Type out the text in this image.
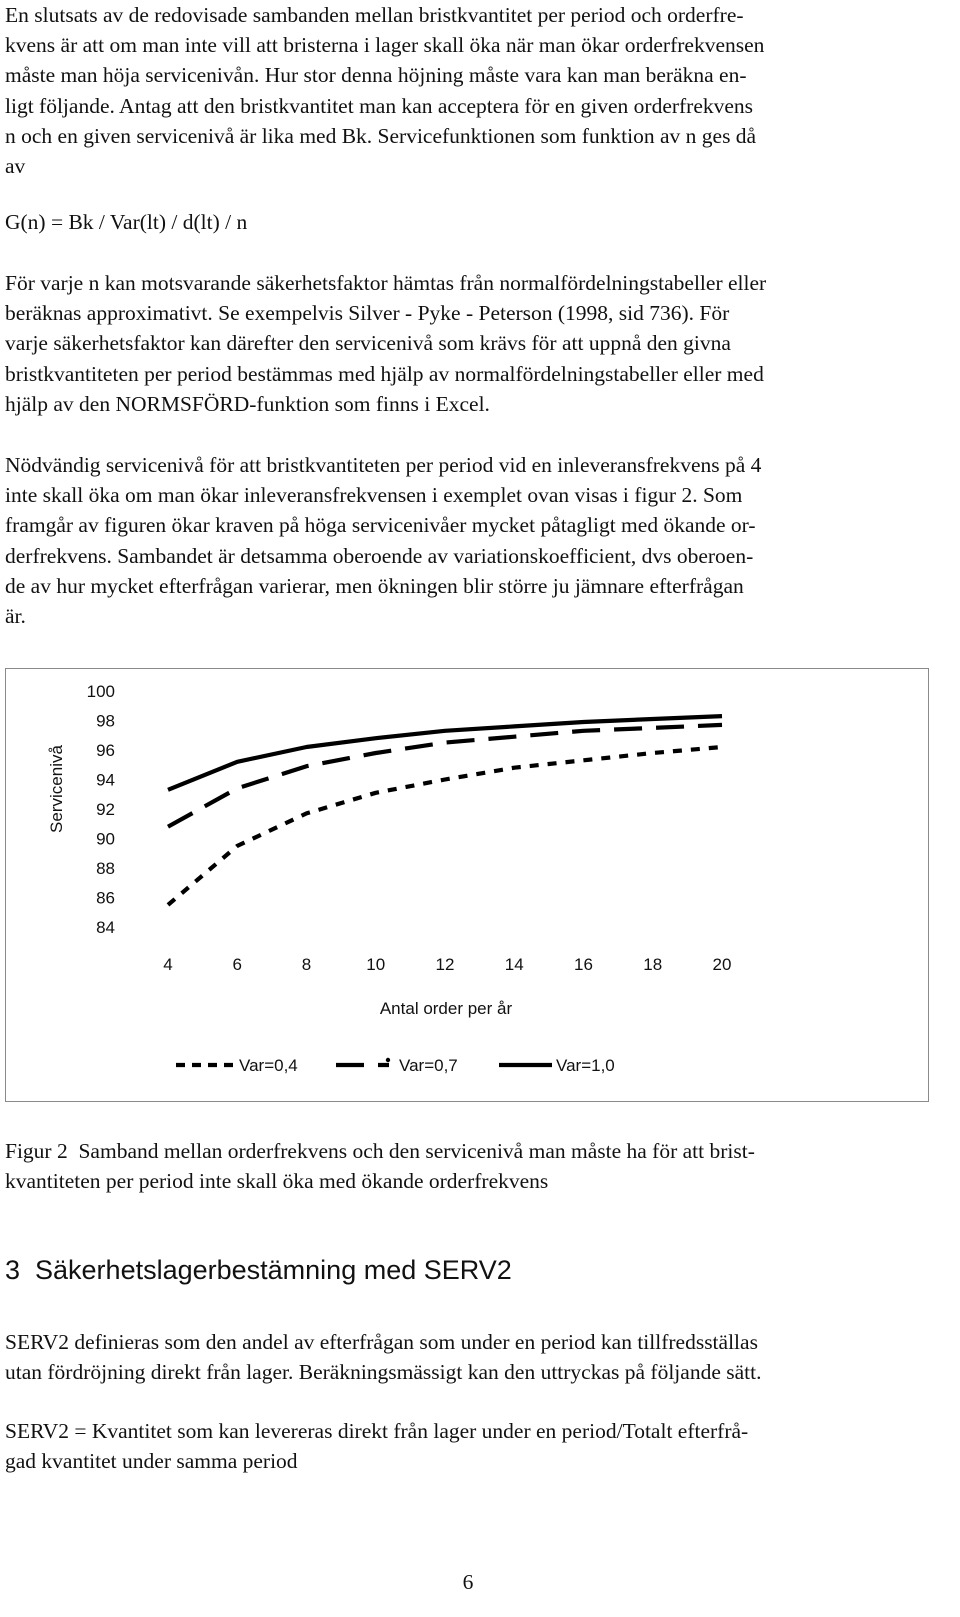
En slutsats av de redovisade sambanden mellan bristkvantitet per period och orderfre-
kvens är att om man inte vill att bristerna i lager skall öka när man ökar orderfrekvensen
måste man höja servicenivån. Hur stor denna höjning måste vara kan man beräkna en-
ligt följande. Antag att den bristkvantitet man kan acceptera för en given orderfrekvens
n och en given servicenivå är lika med Bk. Servicefunktionen som funktion av n ges då
av
G(n) = Bk / Var(lt) / d(lt) / n
För varje n kan motsvarande säkerhetsfaktor hämtas från normalfördelningstabeller eller
beräknas approximativt. Se exempelvis Silver - Pyke - Peterson (1998, sid 736). För
varje säkerhetsfaktor kan därefter den servicenivå som krävs för att uppnå den givna
bristkvantiteten per period bestämmas med hjälp av normalfördelningstabeller eller med
hjälp av den NORMSFÖRD-funktion som finns i Excel.
Nödvändig servicenivå för att bristkvantiteten per period vid en inleveransfrekvens på 4
inte skall öka om man ökar inleveransfrekvensen i exemplet ovan visas i figur 2. Som
framgår av figuren ökar kraven på höga servicenivåer mycket påtagligt med ökande or-
derfrekvens. Sambandet är detsamma oberoende av variationskoefficient, dvs oberoen-
de av hur mycket efterfrågan varierar, men ökningen blir större ju jämnare efterfrågan
är.
84
86
88
90
92
94
96
98
100
4	6	8	10	12	14	16	18	20
Servicenivå
Antal order per år
Var=0,4	Var=0,7	Var=1,0
Figur 2  Samband mellan orderfrekvens och den servicenivå man måste ha för att brist-
kvantiteten per period inte skall öka med ökande orderfrekvens
3  Säkerhetslagerbestämning med SERV2
SERV2 definieras som den andel av efterfrågan som under en period kan tillfredsställas
utan fördröjning direkt från lager. Beräkningsmässigt kan den uttryckas på följande sätt.
SERV2 = Kvantitet som kan levereras direkt från lager under en period/Totalt efterfrå-
gad kvantitet under samma period
6
